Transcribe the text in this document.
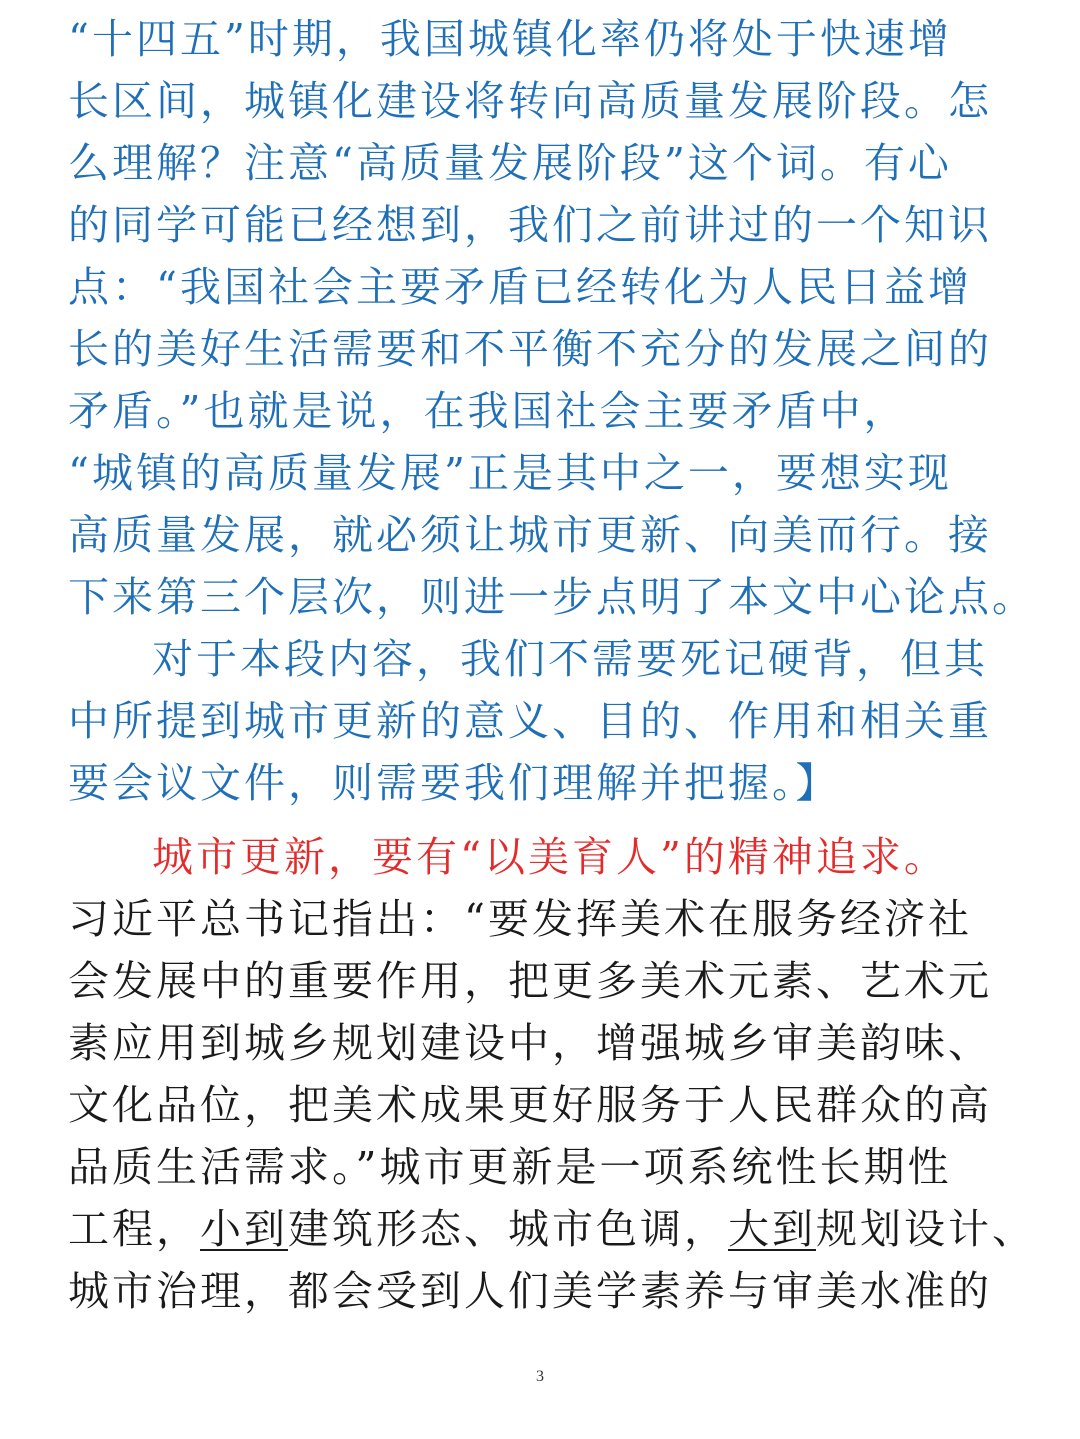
“十四五”时期，我国城镇化率仍将处于快速增
长区间，城镇化建设将转向高质量发展阶段。怎
么理解？注意“高质量发展阶段”这个词。有心
的同学可能已经想到，我们之前讲过的一个知识
点：“我国社会主要矛盾已经转化为人民日益增
长的美好生活需要和不平衡不充分的发展之间的
矛盾。”也就是说，在我国社会主要矛盾中，
“城镇的高质量发展”正是其中之一，要想实现
高质量发展，就必须让城市更新、向美而行。接
下来第三个层次，则进一步点明了本文中心论点。
对于本段内容，我们不需要死记硬背，但其
中所提到城市更新的意义、目的、作用和相关重
要会议文件，则需要我们理解并把握。】
城市更新，要有“以美育人”的精神追求。
习近平总书记指出：“要发挥美术在服务经济社
会发展中的重要作用，把更多美术元素、艺术元
素应用到城乡规划建设中，增强城乡审美韵味、
文化品位，把美术成果更好服务于人民群众的高
品质生活需求。”城市更新是一项系统性长期性
工程，小到建筑形态、城市色调，大到规划设计、
城市治理，都会受到人们美学素养与审美水准的
3
